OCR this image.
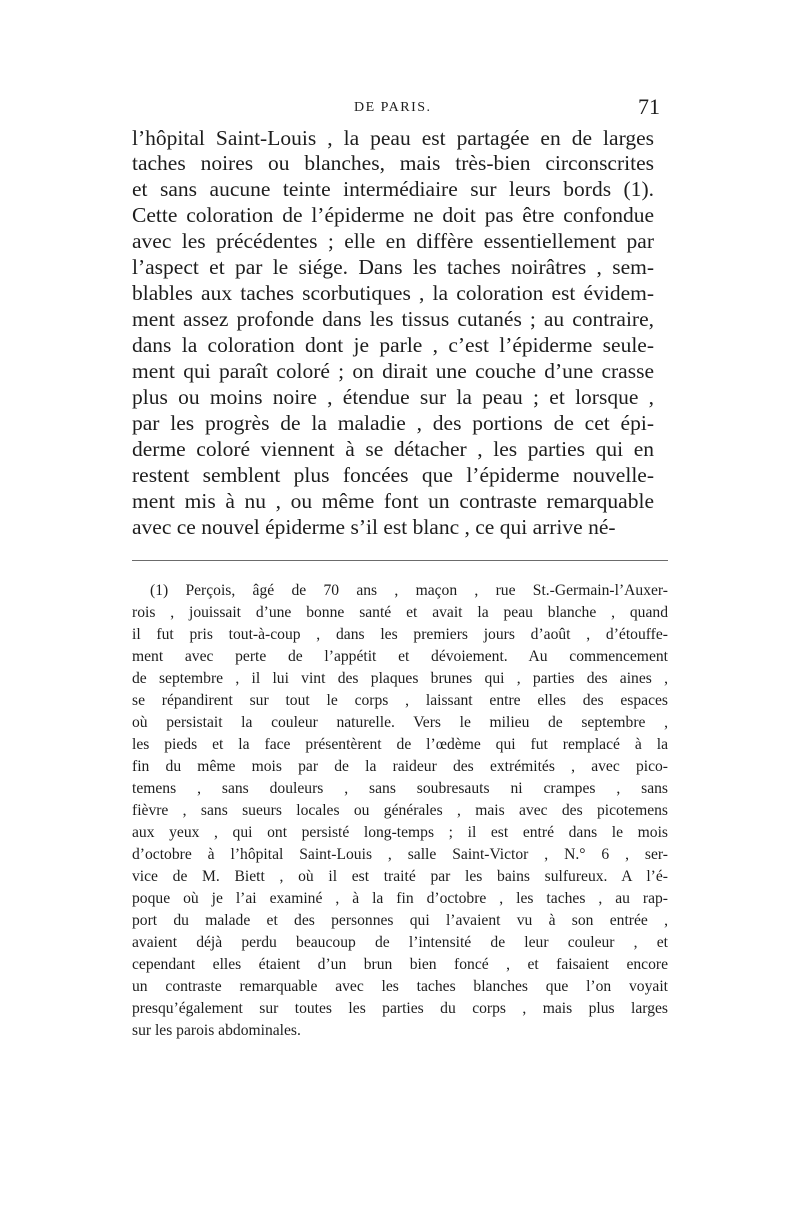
DE PARIS.	71
l’hôpital Saint-Louis , la peau est partagée en de larges
taches noires ou blanches, mais très-bien circonscrites
et sans aucune teinte intermédiaire sur leurs bords (1).
Cette coloration de l’épiderme ne doit pas être confondue
avec les précédentes ; elle en diffère essentiellement par
l’aspect et par le siége. Dans les taches noirâtres , sem-
blables aux taches scorbutiques , la coloration est évidem-
ment assez profonde dans les tissus cutanés ; au contraire,
dans la coloration dont je parle , c’est l’épiderme seule-
ment qui paraît coloré ; on dirait une couche d’une crasse
plus ou moins noire , étendue sur la peau ; et lorsque ,
par les progrès de la maladie , des portions de cet épi-
derme coloré viennent à se détacher , les parties qui en
restent semblent plus foncées que l’épiderme nouvelle-
ment mis à nu , ou même font un contraste remarquable
avec ce nouvel épiderme s’il est blanc , ce qui arrive né-
(1) Perçois, âgé de 70 ans , maçon , rue St.-Germain-l’Auxer-
rois , jouissait d’une bonne santé et avait la peau blanche , quand
il fut pris tout-à-coup , dans les premiers jours d’août , d’étouffe-
ment avec perte de l’appétit et dévoiement. Au commencement
de septembre , il lui vint des plaques brunes qui , parties des aines ,
se répandirent sur tout le corps , laissant entre elles des espaces
où persistait la couleur naturelle. Vers le milieu de septembre ,
les pieds et la face présentèrent de l’œdème qui fut remplacé à la
fin du même mois par de la raideur des extrémités , avec pico-
temens , sans douleurs , sans soubresauts ni crampes , sans
fièvre , sans sueurs locales ou générales , mais avec des picotemens
aux yeux , qui ont persisté long-temps ; il est entré dans le mois
d’octobre à l’hôpital Saint-Louis , salle Saint-Victor , N.° 6 , ser-
vice de M. Biett , où il est traité par les bains sulfureux. A l’é-
poque où je l’ai examiné , à la fin d’octobre , les taches , au rap-
port du malade et des personnes qui l’avaient vu à son entrée ,
avaient déjà perdu beaucoup de l’intensité de leur couleur , et
cependant elles étaient d’un brun bien foncé , et faisaient encore
un contraste remarquable avec les taches blanches que l’on voyait
presqu’également sur toutes les parties du corps , mais plus larges
sur les parois abdominales.
